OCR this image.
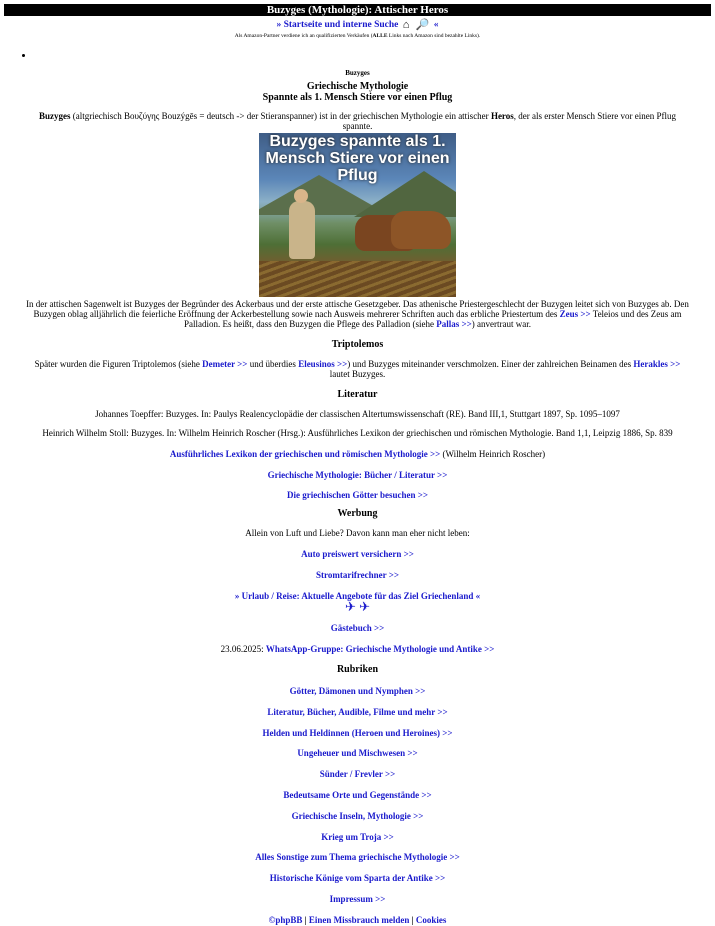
Buzyges (Mythologie): Attischer Heros
» Startseite und interne Suche ⌂ 🔎 «
Als Amazon-Partner verdiene ich an qualifizierten Verkäufen (ALLE Links nach Amazon sind bezahlte Links).
•
Buzyges
Griechische Mythologie
Spannte als 1. Mensch Stiere vor einen Pflug
Buzyges (altgriechisch Βουζύγης Bouzýgēs = deutsch -> der Stieranspanner) ist in der griechischen Mythologie ein attischer Heros, der als erster Mensch Stiere vor einen Pflug spannte.
Buzyges spannte als 1. Mensch Stiere vor einen Pflug
In der attischen Sagenwelt ist Buzyges der Begründer des Ackerbaus und der erste attische Gesetzgeber. Das athenische Priestergeschlecht der Buzygen leitet sich von Buzyges ab. Den Buzygen oblag alljährlich die feierliche Eröffnung der Ackerbestellung sowie nach Ausweis mehrerer Schriften auch das erbliche Priestertum des Zeus >> Teleios und des Zeus am Palladion. Es heißt, dass den Buzygen die Pflege des Palladion (siehe Pallas >>) anvertraut war.
Triptolemos
Später wurden die Figuren Triptolemos (siehe Demeter >> und überdies Eleusinos >>) und Buzyges miteinander verschmolzen. Einer der zahlreichen Beinamen des Herakles >> lautet Buzyges.
Literatur
Johannes Toepffer: Buzyges. In: Paulys Realencyclopädie der classischen Altertumswissenschaft (RE). Band III,1, Stuttgart 1897, Sp. 1095–1097
Heinrich Wilhelm Stoll: Buzyges. In: Wilhelm Heinrich Roscher (Hrsg.): Ausführliches Lexikon der griechischen und römischen Mythologie. Band 1,1, Leipzig 1886, Sp. 839
Ausführliches Lexikon der griechischen und römischen Mythologie >> (Wilhelm Heinrich Roscher)
Griechische Mythologie: Bücher / Literatur >>
Die griechischen Götter besuchen >>
Werbung
Allein von Luft und Liebe? Davon kann man eher nicht leben:
Auto preiswert versichern >>
Stromtarifrechner >>
» Urlaub / Reise: Aktuelle Angebote für das Ziel Griechenland «
✈ ✈
Gästebuch >>
23.06.2025: WhatsApp-Gruppe: Griechische Mythologie und Antike >>
Rubriken
Götter, Dämonen und Nymphen >>
Literatur, Bücher, Audible, Filme und mehr >>
Helden und Heldinnen (Heroen und Heroines) >>
Ungeheuer und Mischwesen >>
Sünder / Frevler >>
Bedeutsame Orte und Gegenstände >>
Griechische Inseln, Mythologie >>
Krieg um Troja >>
Alles Sonstige zum Thema griechische Mythologie >>
Historische Könige vom Sparta der Antike >>
Impressum >>
©phpBB | Einen Missbrauch melden | Cookies
